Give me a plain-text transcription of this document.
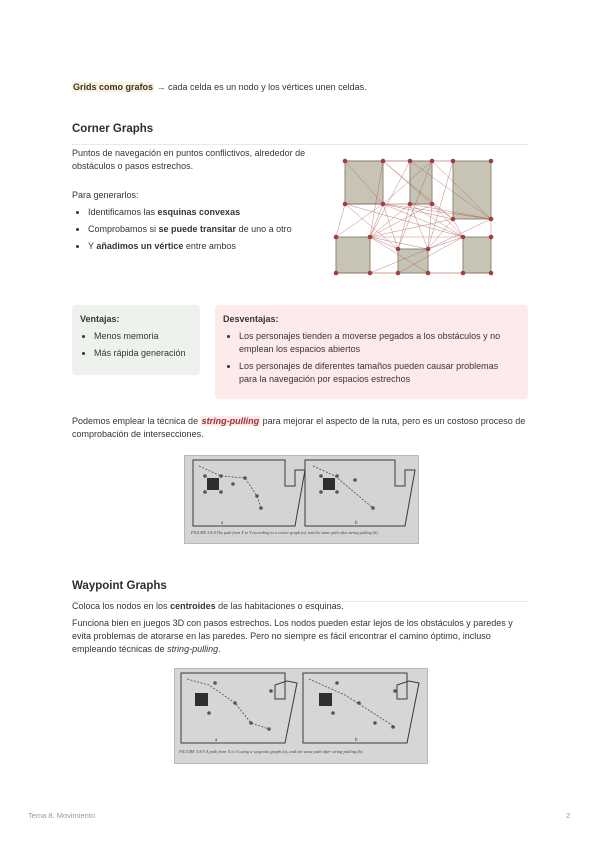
Grids como grafos → cada celda es un nodo y los vértices unen celdas.
Corner Graphs

Puntos de navegación en puntos conflictivos, alrededor de obstáculos o pasos estrechos.

Para generarlos:

• Identificamos las esquinas convexas
• Comprobamos si se puede transitar de uno a otro
• Y añadimos un vértice entre ambos
Ventajas:
• Menos memoria
• Más rápida generación
Desventajas:
• Los personajes tienden a moverse pegados a los obstáculos y no emplean los espacios abiertos
• Los personajes de diferentes tamaños pueden causar problemas para la navegación por espacios estrechos
Podemos emplear la técnica de string-pulling para mejorar el aspecto de la ruta, pero es un costoso proceso de comprobación de intersecciones.
a	b
FIGURE 3.8.8 The path from X to Y according to a corner graph (a), and the same path after string-pulling (b).
Waypoint Graphs
Coloca los nodos en los centroides de las habitaciones o esquinas.
Funciona bien en juegos 3D con pasos estrechos. Los nodos pueden estar lejos de los obstáculos y paredes y evita problemas de atorarse en las paredes. Pero no siempre es fácil encontrar el camino óptimo, incluso empleando técnicas de string-pulling.
a	b
FIGURE 3.8.9 A path from X to Y using a waypoint graph (a), and the same path after string-pulling (b).
Tema 8. Movimiento	2
